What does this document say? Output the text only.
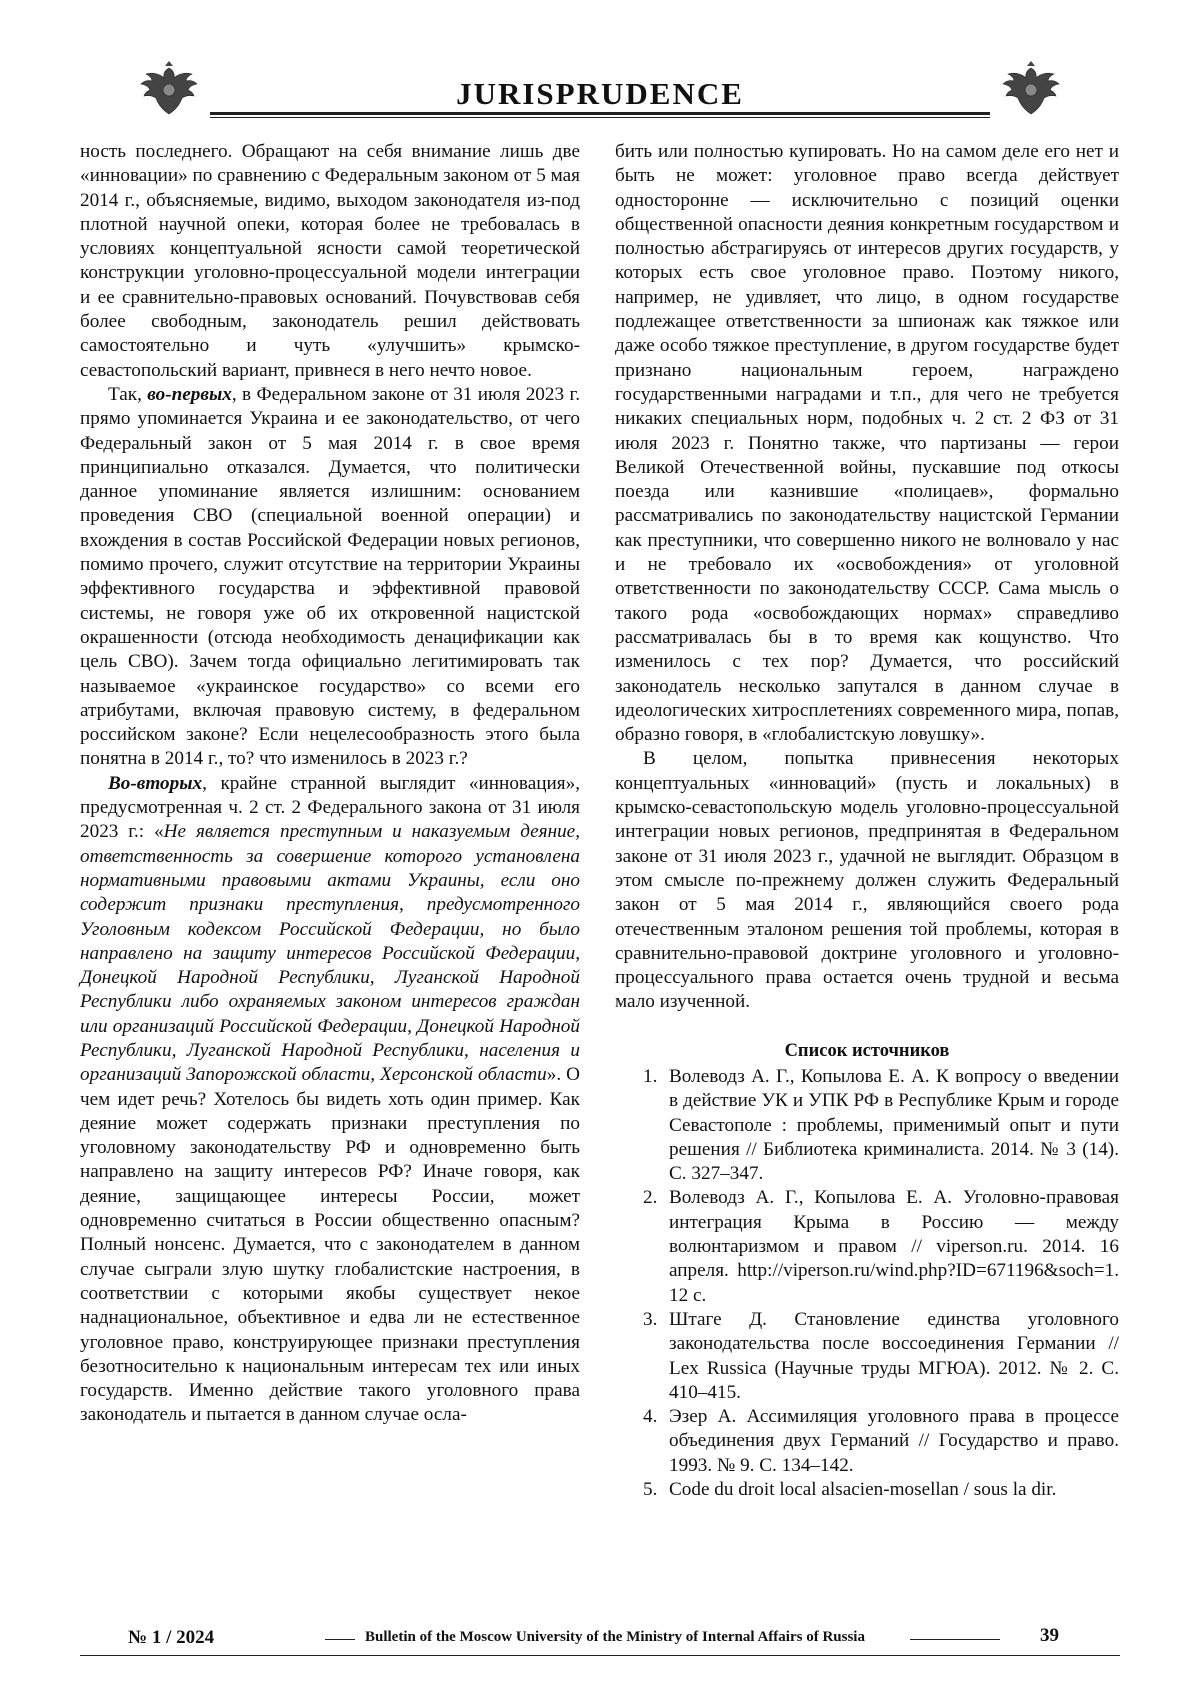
JURISPRUDENCE

ность последнего. Обращают на себя внимание лишь две «инновации» по сравнению с Федеральным законом от 5 мая 2014 г., объясняемые, видимо, выходом законодателя из-под плотной научной опеки, которая более не требовалась в условиях концептуальной ясности самой теоретической конструкции уголовно-процессуальной модели интеграции и ее сравнительно-правовых оснований. Почувствовав себя более свободным, законодатель решил действовать самостоятельно и чуть «улучшить» крымско-севастопольский вариант, привнеся в него нечто новое.

Так, во-первых, в Федеральном законе от 31 июля 2023 г. прямо упоминается Украина и ее законодательство, от чего Федеральный закон от 5 мая 2014 г. в свое время принципиально отказался. Думается, что политически данное упоминание является излишним: основанием проведения СВО (специальной военной операции) и вхождения в состав Российской Федерации новых регионов, помимо прочего, служит отсутствие на территории Украины эффективного государства и эффективной правовой системы, не говоря уже об их откровенной нацистской окрашенности (отсюда необходимость денацификации как цель СВО). Зачем тогда официально легитимировать так называемое «украинское государство» со всеми его атрибутами, включая правовую систему, в федеральном российском законе? Если нецелесообразность этого была понятна в 2014 г., то? что изменилось в 2023 г.?

Во-вторых, крайне странной выглядит «инновация», предусмотренная ч. 2 ст. 2 Федерального закона от 31 июля 2023 г.: «Не является преступным и наказуемым деяние, ответственность за совершение которого установлена нормативными правовыми актами Украины, если оно содержит признаки преступления, предусмотренного Уголовным кодексом Российской Федерации, но было направлено на защиту интересов Российской Федерации, Донецкой Народной Республики, Луганской Народной Республики либо охраняемых законом интересов граждан или организаций Российской Федерации, Донецкой Народной Республики, Луганской Народной Республики, населения и организаций Запорожской области, Херсонской области». О чем идет речь? Хотелось бы видеть хоть один пример. Как деяние может содержать признаки преступления по уголовному законодательству РФ и одновременно быть направлено на защиту интересов РФ? Иначе говоря, как деяние, защищающее интересы России, может одновременно считаться в России общественно опасным? Полный нонсенс. Думается, что с законодателем в данном случае сыграли злую шутку глобалистские настроения, в соответствии с которыми якобы существует некое наднациональное, объективное и едва ли не естественное уголовное право, конструирующее признаки преступления безотносительно к национальным интересам тех или иных государств. Именно действие такого уголовного права законодатель и пытается в данном случае осла-

бить или полностью купировать. Но на самом деле его нет и быть не может: уголовное право всегда действует односторонне — исключительно с позиций оценки общественной опасности деяния конкретным государством и полностью абстрагируясь от интересов других государств, у которых есть свое уголовное право. Поэтому никого, например, не удивляет, что лицо, в одном государстве подлежащее ответственности за шпионаж как тяжкое или даже особо тяжкое преступление, в другом государстве будет признано национальным героем, награждено государственными наградами и т.п., для чего не требуется никаких специальных норм, подобных ч. 2 ст. 2 ФЗ от 31 июля 2023 г. Понятно также, что партизаны — герои Великой Отечественной войны, пускавшие под откосы поезда или казнившие «полицаев», формально рассматривались по законодательству нацистской Германии как преступники, что совершенно никого не волновало у нас и не требовало их «освобождения» от уголовной ответственности по законодательству СССР. Сама мысль о такого рода «освобождающих нормах» справедливо рассматривалась бы в то время как кощунство. Что изменилось с тех пор? Думается, что российский законодатель несколько запутался в данном случае в идеологических хитросплетениях современного мира, попав, образно говоря, в «глобалистскую ловушку».

В целом, попытка привнесения некоторых концептуальных «инноваций» (пусть и локальных) в крымско-севастопольскую модель уголовно-процессуальной интеграции новых регионов, предпринятая в Федеральном законе от 31 июля 2023 г., удачной не выглядит. Образцом в этом смысле по-прежнему должен служить Федеральный закон от 5 мая 2014 г., являющийся своего рода отечественным эталоном решения той проблемы, которая в сравнительно-правовой доктрине уголовного и уголовно-процессуального права остается очень трудной и весьма мало изученной.

Список источников
1. Волеводз А. Г., Копылова Е. А. К вопросу о введении в действие УК и УПК РФ в Республике Крым и городе Севастополе : проблемы, применимый опыт и пути решения // Библиотека криминалиста. 2014. № 3 (14). С. 327–347.
2. Волеводз А. Г., Копылова Е. А. Уголовно-правовая интеграция Крыма в Россию — между волюнтаризмом и правом // viperson.ru. 2014. 16 апреля. http://viperson.ru/wind.php?ID=671196&soch=1. 12 с.
3. Штаге Д. Становление единства уголовного законодательства после воссоединения Германии // Lex Russica (Научные труды МГЮА). 2012. № 2. С. 410–415.
4. Эзер А. Ассимиляция уголовного права в процессе объединения двух Германий // Государство и право. 1993. № 9. С. 134–142.
5. Code du droit local alsacien-mosellan / sous la dir.
№ 1 / 2024	Bulletin of the Moscow University of the Ministry of Internal Affairs of Russia	39
